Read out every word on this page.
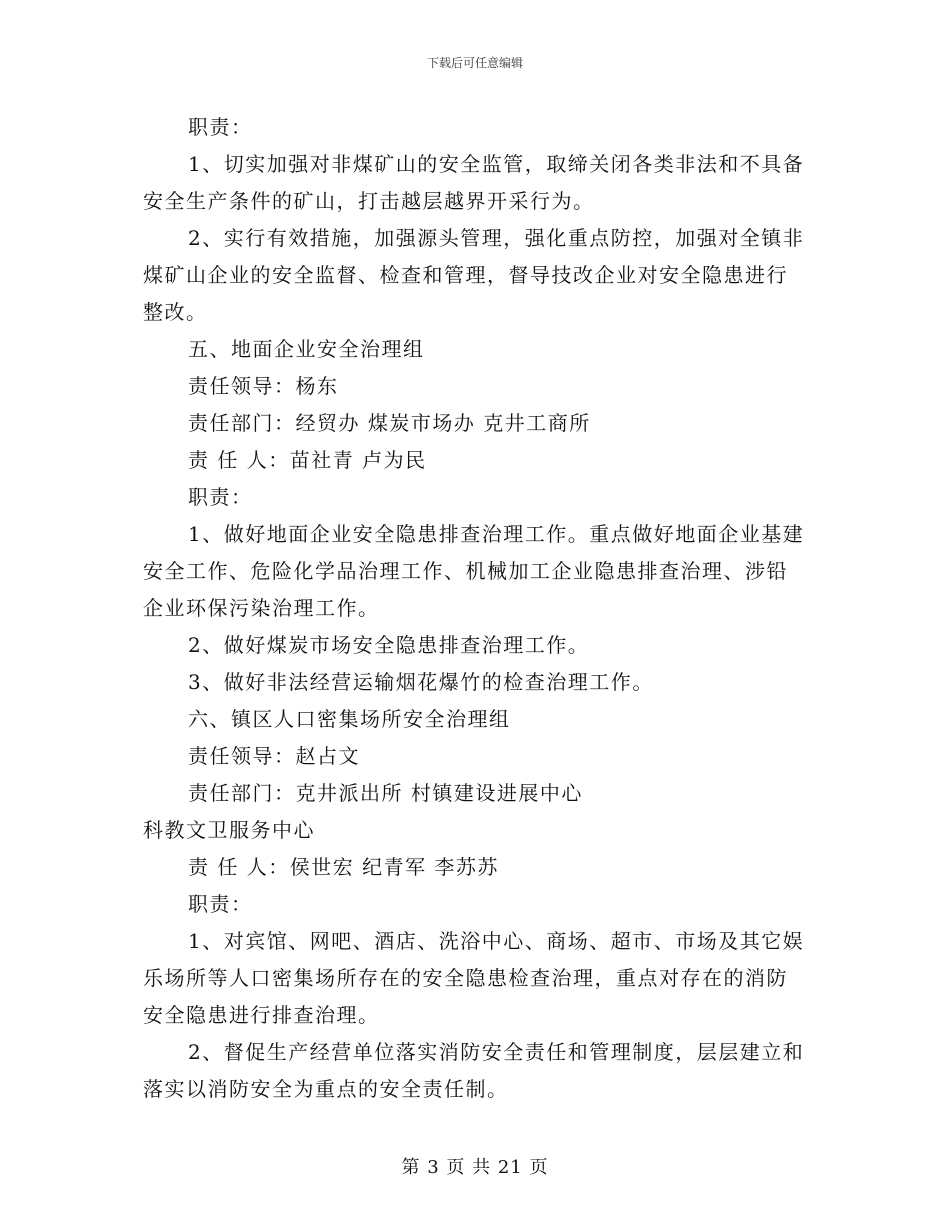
下载后可任意编辑
职责：
1、切实加强对非煤矿山的安全监管，取缔关闭各类非法和不具备
安全生产条件的矿山，打击越层越界开采行为。
2、实行有效措施，加强源头管理，强化重点防控，加强对全镇非
煤矿山企业的安全监督、检查和管理，督导技改企业对安全隐患进行
整改。
五、地面企业安全治理组
责任领导：杨东
责任部门：经贸办 煤炭市场办 克井工商所
责 任 人：苗社青 卢为民
职责：
1、做好地面企业安全隐患排查治理工作。重点做好地面企业基建
安全工作、危险化学品治理工作、机械加工企业隐患排查治理、涉铅
企业环保污染治理工作。
2、做好煤炭市场安全隐患排查治理工作。
3、做好非法经营运输烟花爆竹的检查治理工作。
六、镇区人口密集场所安全治理组
责任领导：赵占文
责任部门：克井派出所 村镇建设进展中心
科教文卫服务中心
责 任 人：侯世宏 纪青军 李苏苏
职责：
1、对宾馆、网吧、酒店、洗浴中心、商场、超市、市场及其它娱
乐场所等人口密集场所存在的安全隐患检查治理，重点对存在的消防
安全隐患进行排查治理。
2、督促生产经营单位落实消防安全责任和管理制度，层层建立和
落实以消防安全为重点的安全责任制。
第 3 页 共 21 页
